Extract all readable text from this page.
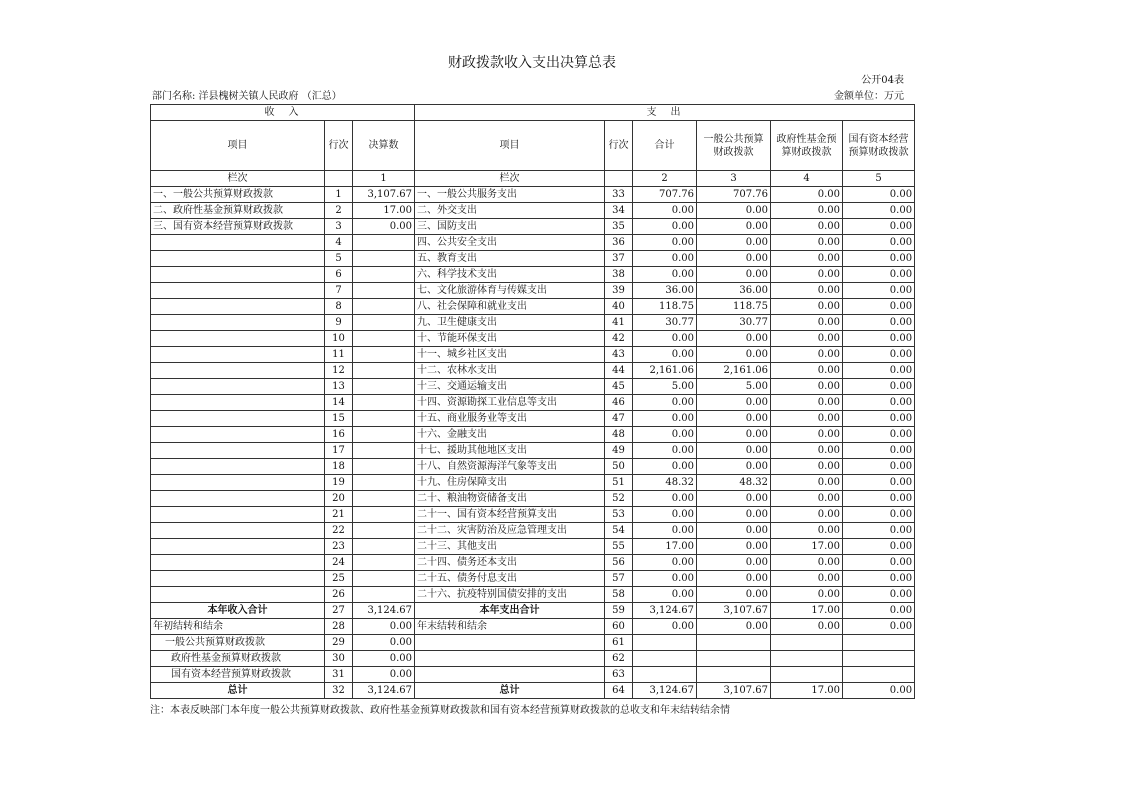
财政拨款收入支出决算总表
公开04表
部门名称: 洋县槐树关镇人民政府 （汇总）	金额单位：万元
收　入			支　出					
项目	行次	决算数	项目	行次	合计	一般公共预算财政拨款	政府性基金预算财政拨款	国有资本经营预算财政拨款
栏次		1	栏次		2	3	4	5
一、一般公共预算财政拨款	1	3,107.67	一、一般公共服务支出	33	707.76	707.76	0.00	0.00
二、政府性基金预算财政拨款	2	17.00	二、外交支出	34	0.00	0.00	0.00	0.00
三、国有资本经营预算财政拨款	3	0.00	三、国防支出	35	0.00	0.00	0.00	0.00
	4		四、公共安全支出	36	0.00	0.00	0.00	0.00
	5		五、教育支出	37	0.00	0.00	0.00	0.00
	6		六、科学技术支出	38	0.00	0.00	0.00	0.00
	7		七、文化旅游体育与传媒支出	39	36.00	36.00	0.00	0.00
	8		八、社会保障和就业支出	40	118.75	118.75	0.00	0.00
	9		九、卫生健康支出	41	30.77	30.77	0.00	0.00
	10		十、节能环保支出	42	0.00	0.00	0.00	0.00
	11		十一、城乡社区支出	43	0.00	0.00	0.00	0.00
	12		十二、农林水支出	44	2,161.06	2,161.06	0.00	0.00
	13		十三、交通运输支出	45	5.00	5.00	0.00	0.00
	14		十四、资源勘探工业信息等支出	46	0.00	0.00	0.00	0.00
	15		十五、商业服务业等支出	47	0.00	0.00	0.00	0.00
	16		十六、金融支出	48	0.00	0.00	0.00	0.00
	17		十七、援助其他地区支出	49	0.00	0.00	0.00	0.00
	18		十八、自然资源海洋气象等支出	50	0.00	0.00	0.00	0.00
	19		十九、住房保障支出	51	48.32	48.32	0.00	0.00
	20		二十、粮油物资储备支出	52	0.00	0.00	0.00	0.00
	21		二十一、国有资本经营预算支出	53	0.00	0.00	0.00	0.00
	22		二十二、灾害防治及应急管理支出	54	0.00	0.00	0.00	0.00
	23		二十三、其他支出	55	17.00	0.00	17.00	0.00
	24		二十四、债务还本支出	56	0.00	0.00	0.00	0.00
	25		二十五、债务付息支出	57	0.00	0.00	0.00	0.00
	26		二十六、抗疫特别国债安排的支出	58	0.00	0.00	0.00	0.00
本年收入合计	27	3,124.67	本年支出合计	59	3,124.67	3,107.67	17.00	0.00
年初结转和结余	28	0.00	年末结转和结余	60	0.00	0.00	0.00	0.00
一般公共预算财政拨款	29	0.00		61				
政府性基金预算财政拨款	30	0.00		62				
国有资本经营预算财政拨款	31	0.00		63				
总计	32	3,124.67	总计	64	3,124.67	3,107.67	17.00	0.00
注：本表反映部门本年度一般公共预算财政拨款、政府性基金预算财政拨款和国有资本经营预算财政拨款的总收支和年末结转结余情
